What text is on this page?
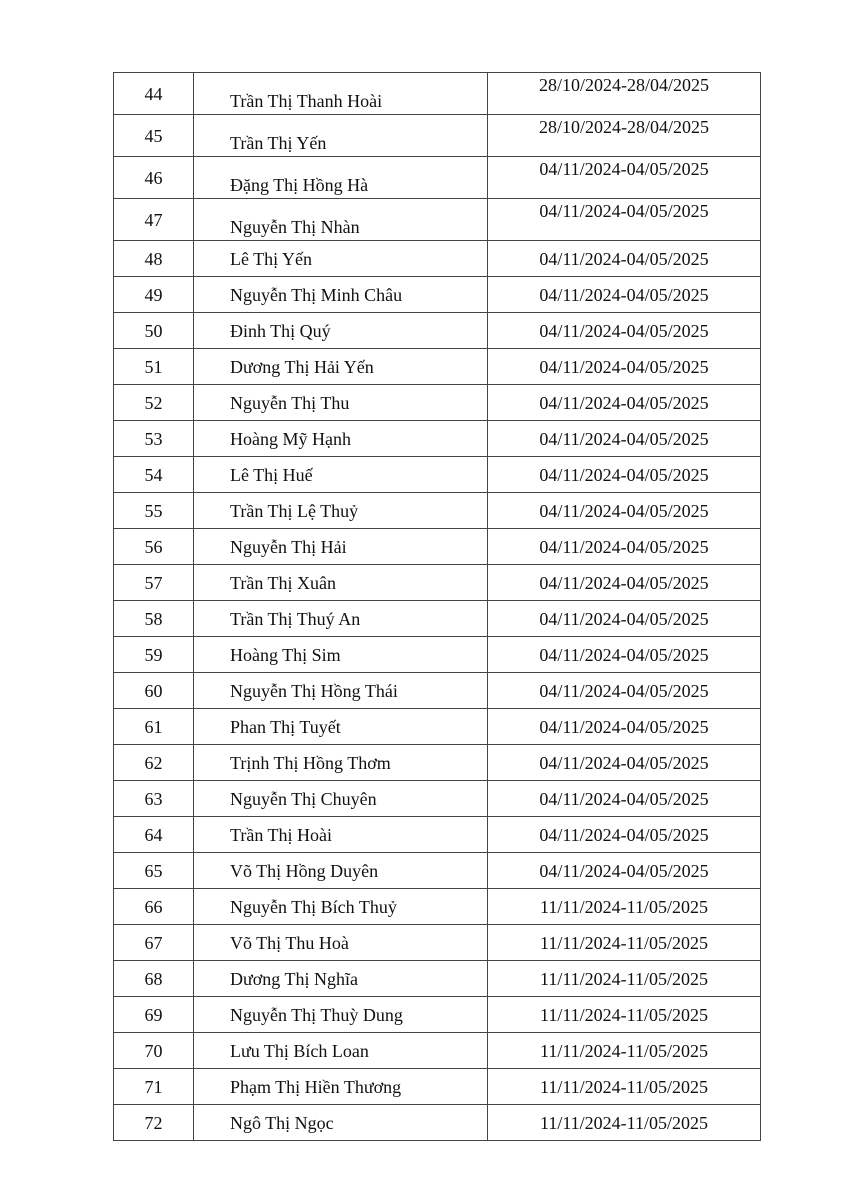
44	Trần Thị Thanh Hoài	28/10/2024-28/04/2025
45	Trần Thị Yến	28/10/2024-28/04/2025
46	Đặng Thị Hồng Hà	04/11/2024-04/05/2025
47	Nguyễn Thị Nhàn	04/11/2024-04/05/2025
48	Lê Thị Yến	04/11/2024-04/05/2025
49	Nguyễn Thị Minh Châu	04/11/2024-04/05/2025
50	Đinh Thị Quý	04/11/2024-04/05/2025
51	Dương Thị Hải Yến	04/11/2024-04/05/2025
52	Nguyễn Thị Thu	04/11/2024-04/05/2025
53	Hoàng Mỹ Hạnh	04/11/2024-04/05/2025
54	Lê Thị Huế	04/11/2024-04/05/2025
55	Trần Thị Lệ Thuỷ	04/11/2024-04/05/2025
56	Nguyễn Thị Hải	04/11/2024-04/05/2025
57	Trần Thị Xuân	04/11/2024-04/05/2025
58	Trần Thị Thuý An	04/11/2024-04/05/2025
59	Hoàng Thị Sim	04/11/2024-04/05/2025
60	Nguyễn Thị Hồng Thái	04/11/2024-04/05/2025
61	Phan Thị Tuyết	04/11/2024-04/05/2025
62	Trịnh Thị Hồng Thơm	04/11/2024-04/05/2025
63	Nguyễn Thị Chuyên	04/11/2024-04/05/2025
64	Trần Thị Hoài	04/11/2024-04/05/2025
65	Võ Thị Hồng Duyên	04/11/2024-04/05/2025
66	Nguyễn Thị Bích Thuỷ	11/11/2024-11/05/2025
67	Võ Thị Thu Hoà	11/11/2024-11/05/2025
68	Dương Thị Nghĩa	11/11/2024-11/05/2025
69	Nguyễn Thị Thuỳ Dung	11/11/2024-11/05/2025
70	Lưu Thị Bích Loan	11/11/2024-11/05/2025
71	Phạm Thị Hiền Thương	11/11/2024-11/05/2025
72	Ngô Thị Ngọc	11/11/2024-11/05/2025
